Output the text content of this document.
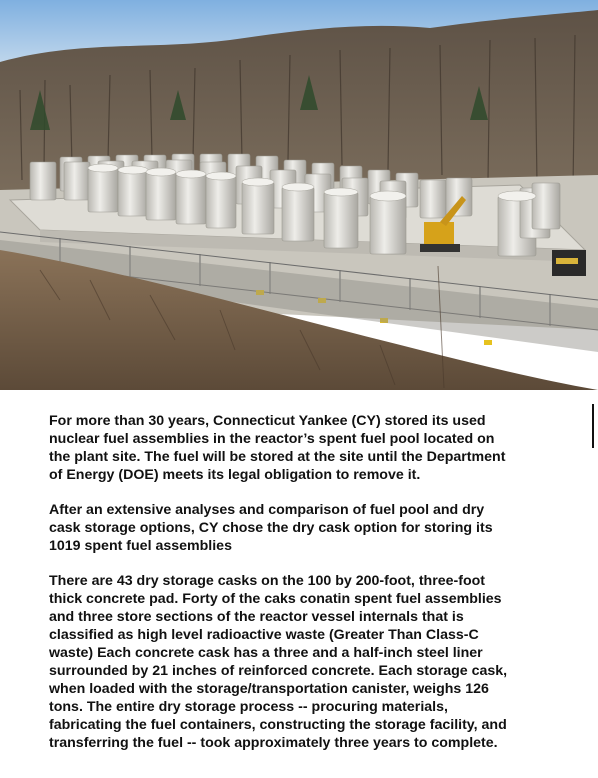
For more than 30 years, Connecticut Yankee (CY) stored its used
nuclear fuel assemblies in the reactor’s spent fuel pool located on
the plant site. The fuel will be stored at the site until the Department
of Energy (DOE) meets its legal obligation to remove it.

After an extensive analyses and comparison of fuel pool and dry
cask storage options, CY chose the dry cask option for storing its
1019 spent fuel assemblies

There are 43 dry storage casks on the 100 by 200-foot, three-foot
thick concrete pad. Forty of the caks conatin spent fuel assemblies
and three store sections of the reactor vessel internals that is
classified as high level radioactive waste (Greater Than Class-C
waste) Each concrete cask has a three and a half-inch steel liner
surrounded by 21 inches of reinforced concrete. Each storage cask,
when loaded with the storage/transportation canister, weighs 126
tons. The entire dry storage process -- procuring materials,
fabricating the fuel containers, constructing the storage facility, and
transferring the fuel -- took approximately three years to complete.
